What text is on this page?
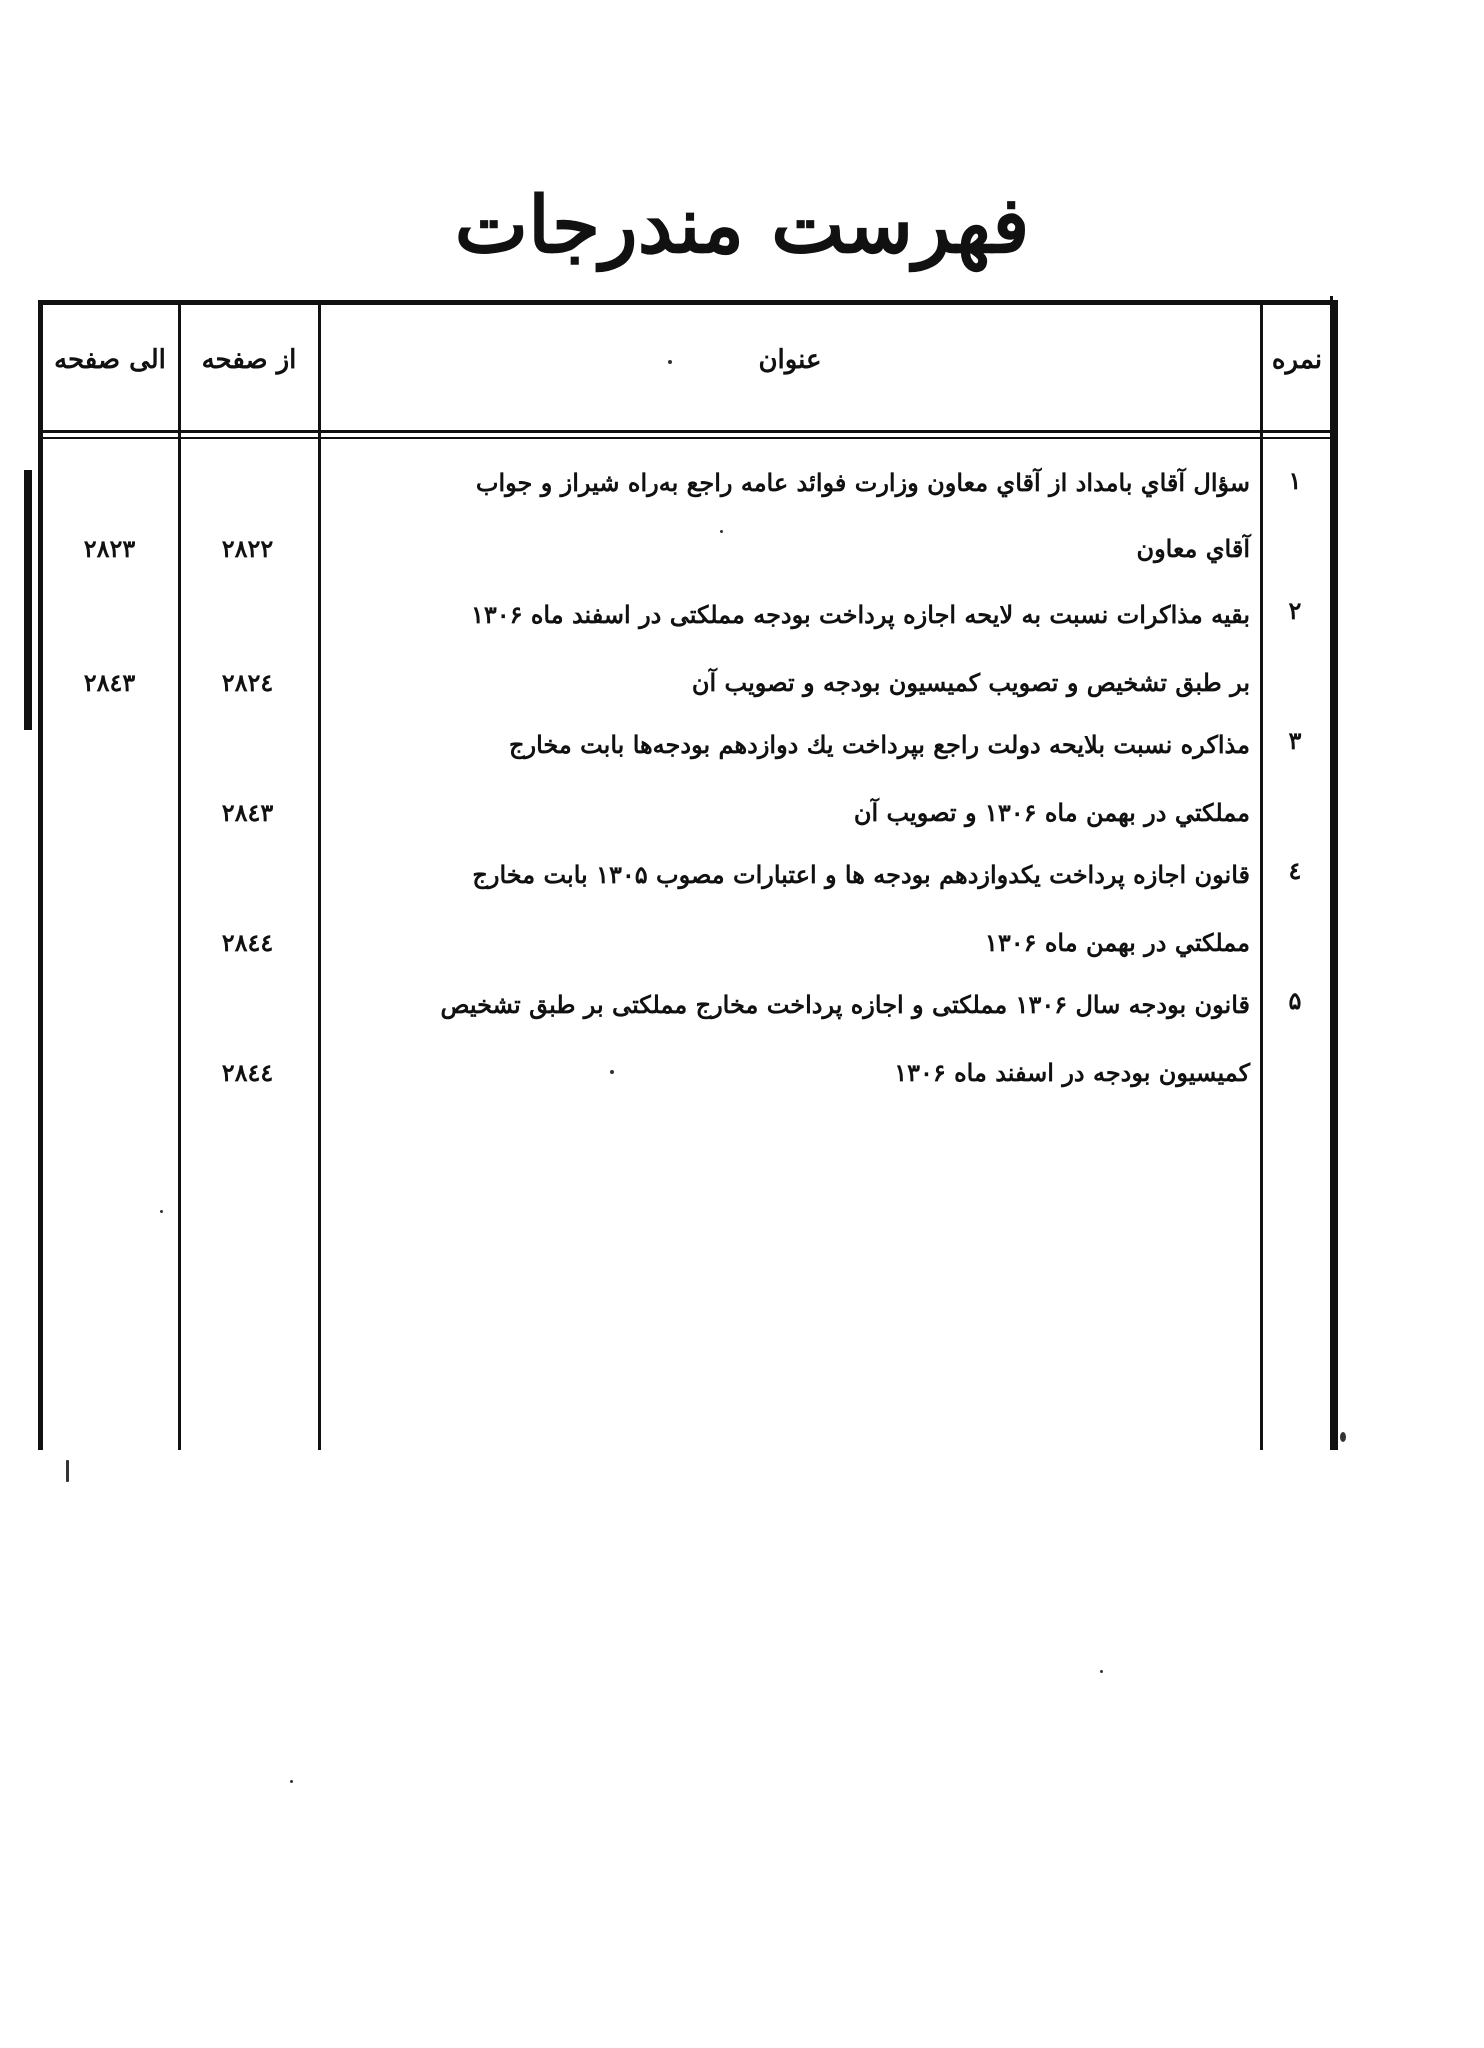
فهرست مندرجات
نمره
عنوان
از صفحه
الی صفحه
۱
سؤال آقاي بامداد از آقاي معاون وزارت فوائد عامه راجع به‌راه شیراز و جواب
آقاي معاون
۲۸۲۲
۲۸۲۳
۲
بقیه مذاکرات نسبت به لایحه اجازه پرداخت بودجه مملکتی در اسفند ماه ۱۳۰۶
بر طبق تشخیص و تصویب کمیسیون بودجه و تصویب آن
۲۸۲٤
۲۸٤۳
۳
مذاکره نسبت بلایحه دولت راجع بپرداخت یك دوازدهم بودجه‌ها بابت مخارج
مملکتي در بهمن ماه ۱۳۰۶ و تصویب آن
۲۸٤۳
٤
قانون اجازه پرداخت یکدوازدهم بودجه ها و اعتبارات مصوب ۱۳۰۵ بابت مخارج
مملکتي در بهمن ماه ۱۳۰۶
۲۸٤٤
۵
قانون بودجه سال ۱۳۰۶ مملکتی و اجازه پرداخت مخارج مملکتی بر طبق تشخیص
کمیسیون بودجه در اسفند ماه ۱۳۰۶
۲۸٤٤
